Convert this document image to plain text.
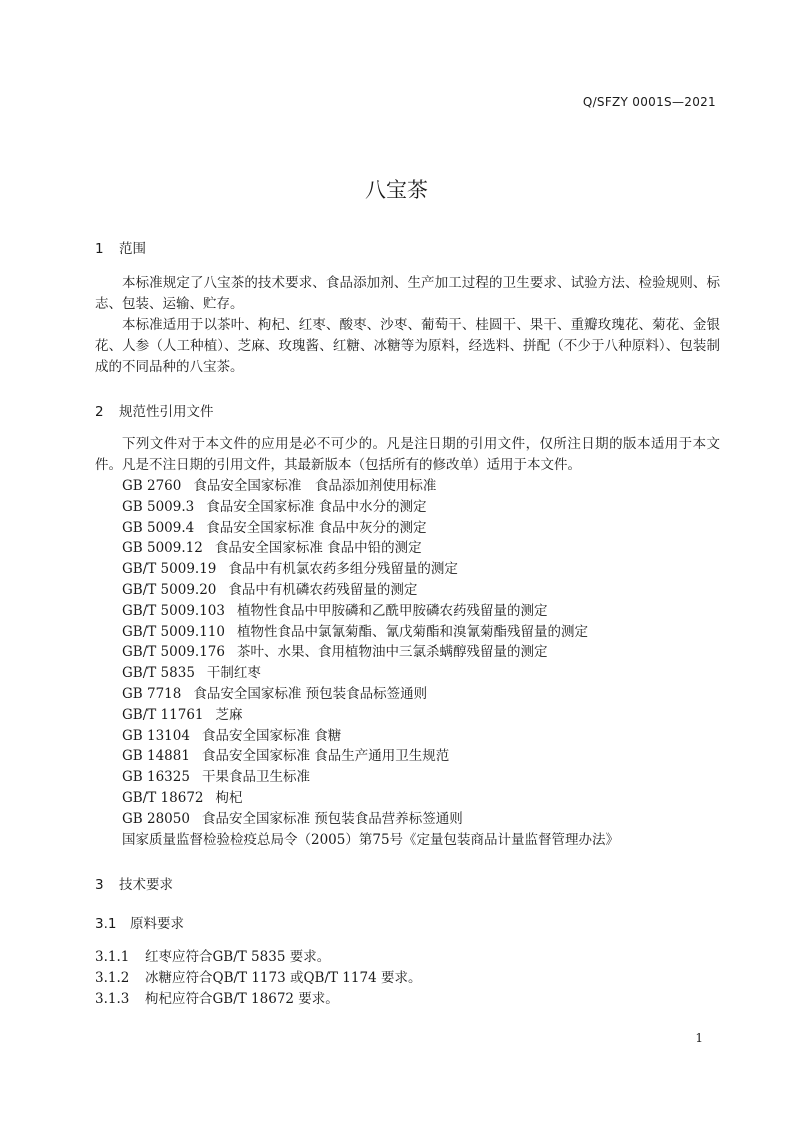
Q/SFZY 0001S—2021
八宝茶

1 范围

本标准规定了八宝茶的技术要求、食品添加剂、生产加工过程的卫生要求、试验方法、检验规则、标志、包装、运输、贮存。

本标准适用于以茶叶、枸杞、红枣、酸枣、沙枣、葡萄干、桂圆干、果干、重瓣玫瑰花、菊花、金银花、人参（人工种植）、芝麻、玫瑰酱、红糖、冰糖等为原料，经选料、拼配（不少于八种原料）、包装制成的不同品种的八宝茶。

2 规范性引用文件

下列文件对于本文件的应用是必不可少的。凡是注日期的引用文件，仅所注日期的版本适用于本文件。凡是不注日期的引用文件，其最新版本（包括所有的修改单）适用于本文件。

GB 2760 食品安全国家标准　食品添加剂使用标准

GB 5009.3 食品安全国家标准 食品中水分的测定

GB 5009.4 食品安全国家标准 食品中灰分的测定

GB 5009.12 食品安全国家标准 食品中铅的测定

GB/T 5009.19 食品中有机氯农药多组分残留量的测定

GB/T 5009.20 食品中有机磷农药残留量的测定

GB/T 5009.103 植物性食品中甲胺磷和乙酰甲胺磷农药残留量的测定

GB/T 5009.110 植物性食品中氯氰菊酯、氰戊菊酯和溴氰菊酯残留量的测定

GB/T 5009.176 茶叶、水果、食用植物油中三氯杀螨醇残留量的测定

GB/T 5835 干制红枣

GB 7718 食品安全国家标准 预包装食品标签通则

GB/T 11761 芝麻

GB 13104 食品安全国家标准 食糖

GB 14881 食品安全国家标准 食品生产通用卫生规范

GB 16325 干果食品卫生标准

GB/T 18672 枸杞

GB 28050 食品安全国家标准 预包装食品营养标签通则

国家质量监督检验检疫总局令（2005）第75号《定量包装商品计量监督管理办法》

3 技术要求

3.1 原料要求

3.1.1 红枣应符合GB/T 5835 要求。

3.1.2 冰糖应符合QB/T 1173 或QB/T 1174 要求。

3.1.3 枸杞应符合GB/T 18672 要求。

1
